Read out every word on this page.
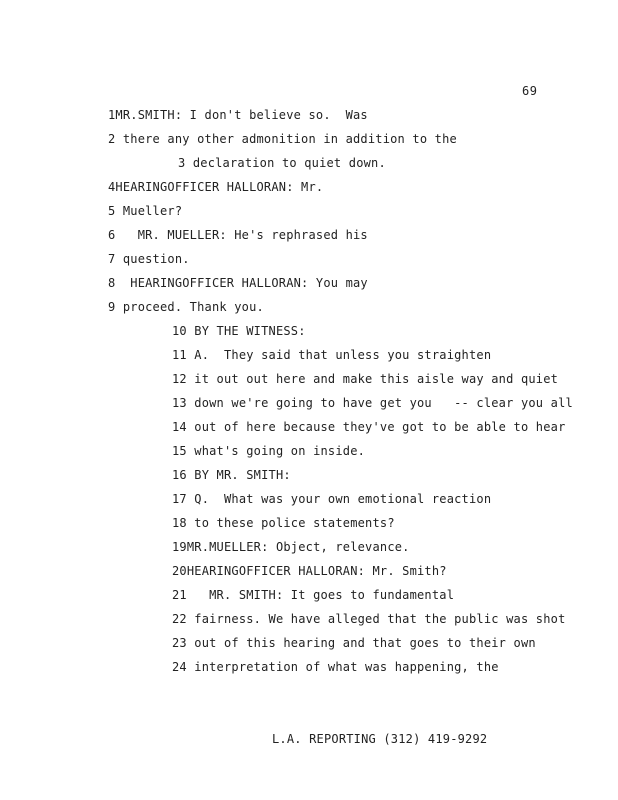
69
1MR.SMITH: I don't believe so.  Was
2 there any other admonition in addition to the
3 declaration to quiet down.
4HEARINGOFFICER HALLORAN: Mr.
5 Mueller?
6   MR. MUELLER: He's rephrased his
7 question.
8  HEARINGOFFICER HALLORAN: You may
9 proceed. Thank you.
10 BY THE WITNESS:
11 A.  They said that unless you straighten
12 it out out here and make this aisle way and quiet
13 down we're going to have get you   -- clear you all
14 out of here because they've got to be able to hear
15 what's going on inside.
16 BY MR. SMITH:
17 Q.  What was your own emotional reaction
18 to these police statements?
19MR.MUELLER: Object, relevance.
20HEARINGOFFICER HALLORAN: Mr. Smith?
21   MR. SMITH: It goes to fundamental
22 fairness. We have alleged that the public was shot
23 out of this hearing and that goes to their own
24 interpretation of what was happening, the
L.A. REPORTING (312) 419-9292
